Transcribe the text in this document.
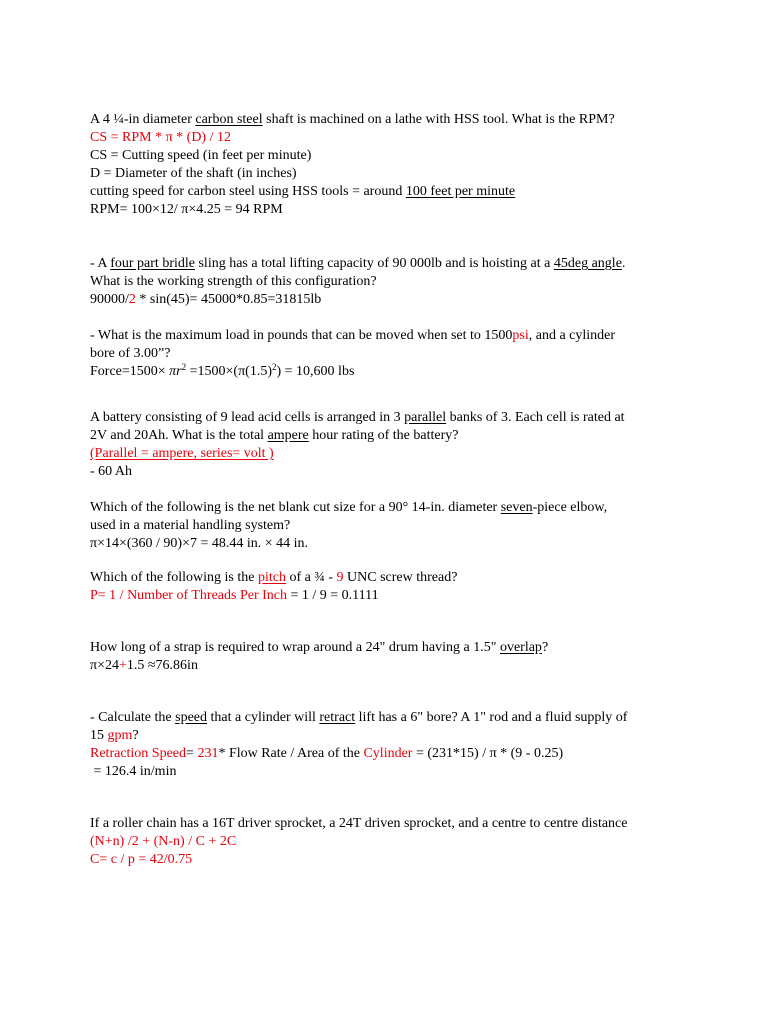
A 4 ¼-in diameter carbon steel shaft is machined on a lathe with HSS tool. What is the RPM?
CS = RPM * π * (D) / 12
CS = Cutting speed (in feet per minute)
D = Diameter of the shaft (in inches)
cutting speed for carbon steel using HSS tools = around 100 feet per minute
RPM= 100×12/ π×4.25 = 94 RPM
- A four part bridle sling has a total lifting capacity of 90 000lb and is hoisting at a 45deg angle.
What is the working strength of this configuration?
90000/2 * sin(45)= 45000*0.85=31815lb
- What is the maximum load in pounds that can be moved when set to 1500psi, and a cylinder
bore of 3.00”?
Force=1500× $\pi r^2 =1500\times(\pi(1.5)^2) = 10,600$ lbs
A battery consisting of 9 lead acid cells is arranged in 3 parallel banks of 3. Each cell is rated at
2V and 20Ah. What is the total ampere hour rating of the battery?
(Parallel = ampere, series= volt )
- 60 Ah
Which of the following is the net blank cut size for a 90° 14-in. diameter seven-piece elbow,
used in a material handling system?
π×14×(360 / 90)×7 = 48.44 in. × 44 in.
Which of the following is the pitch of a ¾ - 9 UNC screw thread?
P= 1 / Number of Threads Per Inch = 1 / 9 = 0.1111
How long of a strap is required to wrap around a 24" drum having a 1.5" overlap?
π×24+1.5 ≈76.86in
- Calculate the speed that a cylinder will retract lift has a 6" bore? A 1" rod and a fluid supply of
15 gpm?
Retraction Speed= 231* Flow Rate / Area of the Cylinder = (231*15) / π * (9 - 0.25)
= 126.4 in/min
If a roller chain has a 16T driver sprocket, a 24T driven sprocket, and a centre to centre distance
(N+n) /2 + (N-n) / C + 2C
C= c / p = 42/0.75
